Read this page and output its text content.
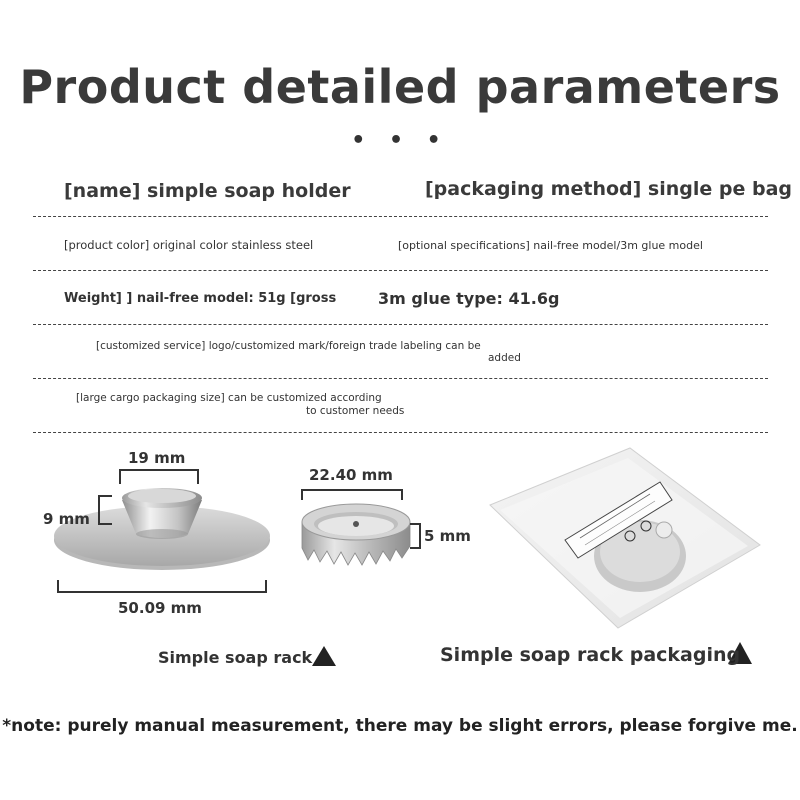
Product detailed parameters
• • •
[name] simple soap holder	[packaging method] single pe bag
[product color] original color stainless steel	[optional specifications] nail-free model/3m glue model
Weight] ] nail-free model: 51g [gross	3m glue type: 41.6g
[customized service] logo/customized mark/foreign trade labeling can be
added
[large cargo packaging size] can be customized according
to customer needs
19 mm
9 mm
50.09 mm
22.40 mm
5 mm
Simple soap rack	Simple soap rack packaging
*note: purely manual measurement, there may be slight errors, please forgive me.
